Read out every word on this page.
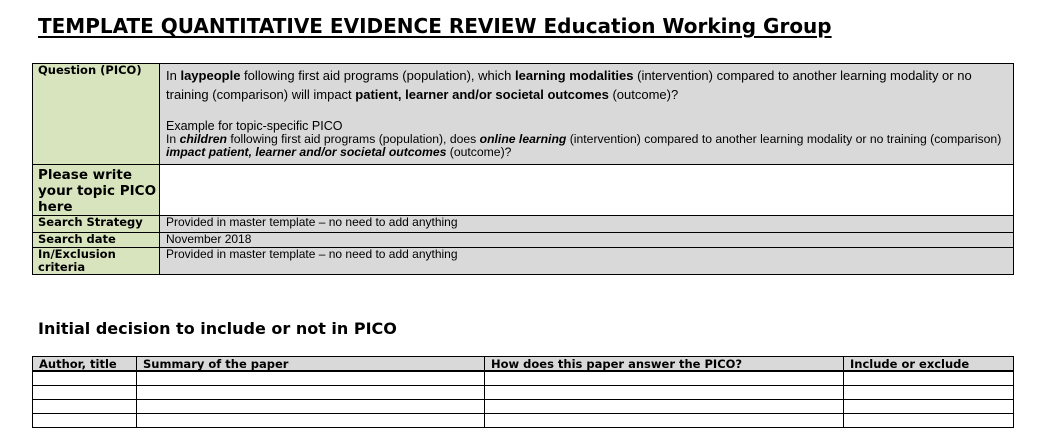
TEMPLATE QUANTITATIVE EVIDENCE REVIEW Education Working Group
Question (PICO)	In laypeople following first aid programs (population), which learning modalities (intervention) compared to another learning modality or no training (comparison) will impact patient, learner and/or societal outcomes (outcome)?
Example for topic-specific PICO
In children following first aid programs (population), does online learning (intervention) compared to another learning modality or no training (comparison) impact patient, learner and/or societal outcomes (outcome)?

Please write your topic PICO here	
Search Strategy	Provided in master template – no need to add anything
Search date	November 2018
In/Exclusion criteria	Provided in master template – no need to add anything
Initial decision to include or not in PICO
Author, title	Summary of the paper	How does this paper answer the PICO?	Include or exclude
